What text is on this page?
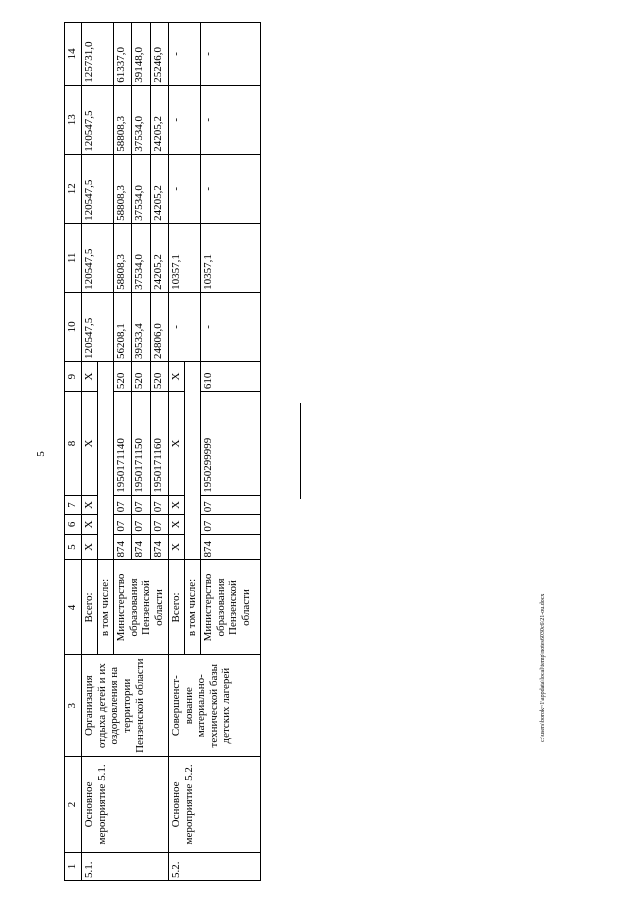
5
c:\users\borok~1\appdata\local\temp\notes6030c6\21-ou.docx
1	2	3	4	5	6	7	8	9	10	11	12	13	14
5.1.	Основное мероприятие 5.1.	Организация отдыха детей и их оздоровления на территории Пензенской области	Всего:	Х	Х	Х	Х	Х	120547,5	120547,5	120547,5	120547,5	125731,0
			в том числе:										
			Министерство образования Пензенской области	874	07	07	1950171140	520	56208,1	58808,3	58808,3	58808,3	61337,0
				874	07	07	1950171150	520	39533,4	37534,0	37534,0	37534,0	39148,0
				874	07	07	1950171160	520	24806,0	24205,2	24205,2	24205,2	25246,0
5.2.	Основное мероприятие 5.2.	Совершенст-вование материально-технической базы детских лагерей	Всего:	Х	Х	Х	Х	Х	-	10357,1	-	-	-
			в том числе:										
			Министерство образования Пензенской области	874	07	07	1950299999	610	-	10357,1	-	-	-
